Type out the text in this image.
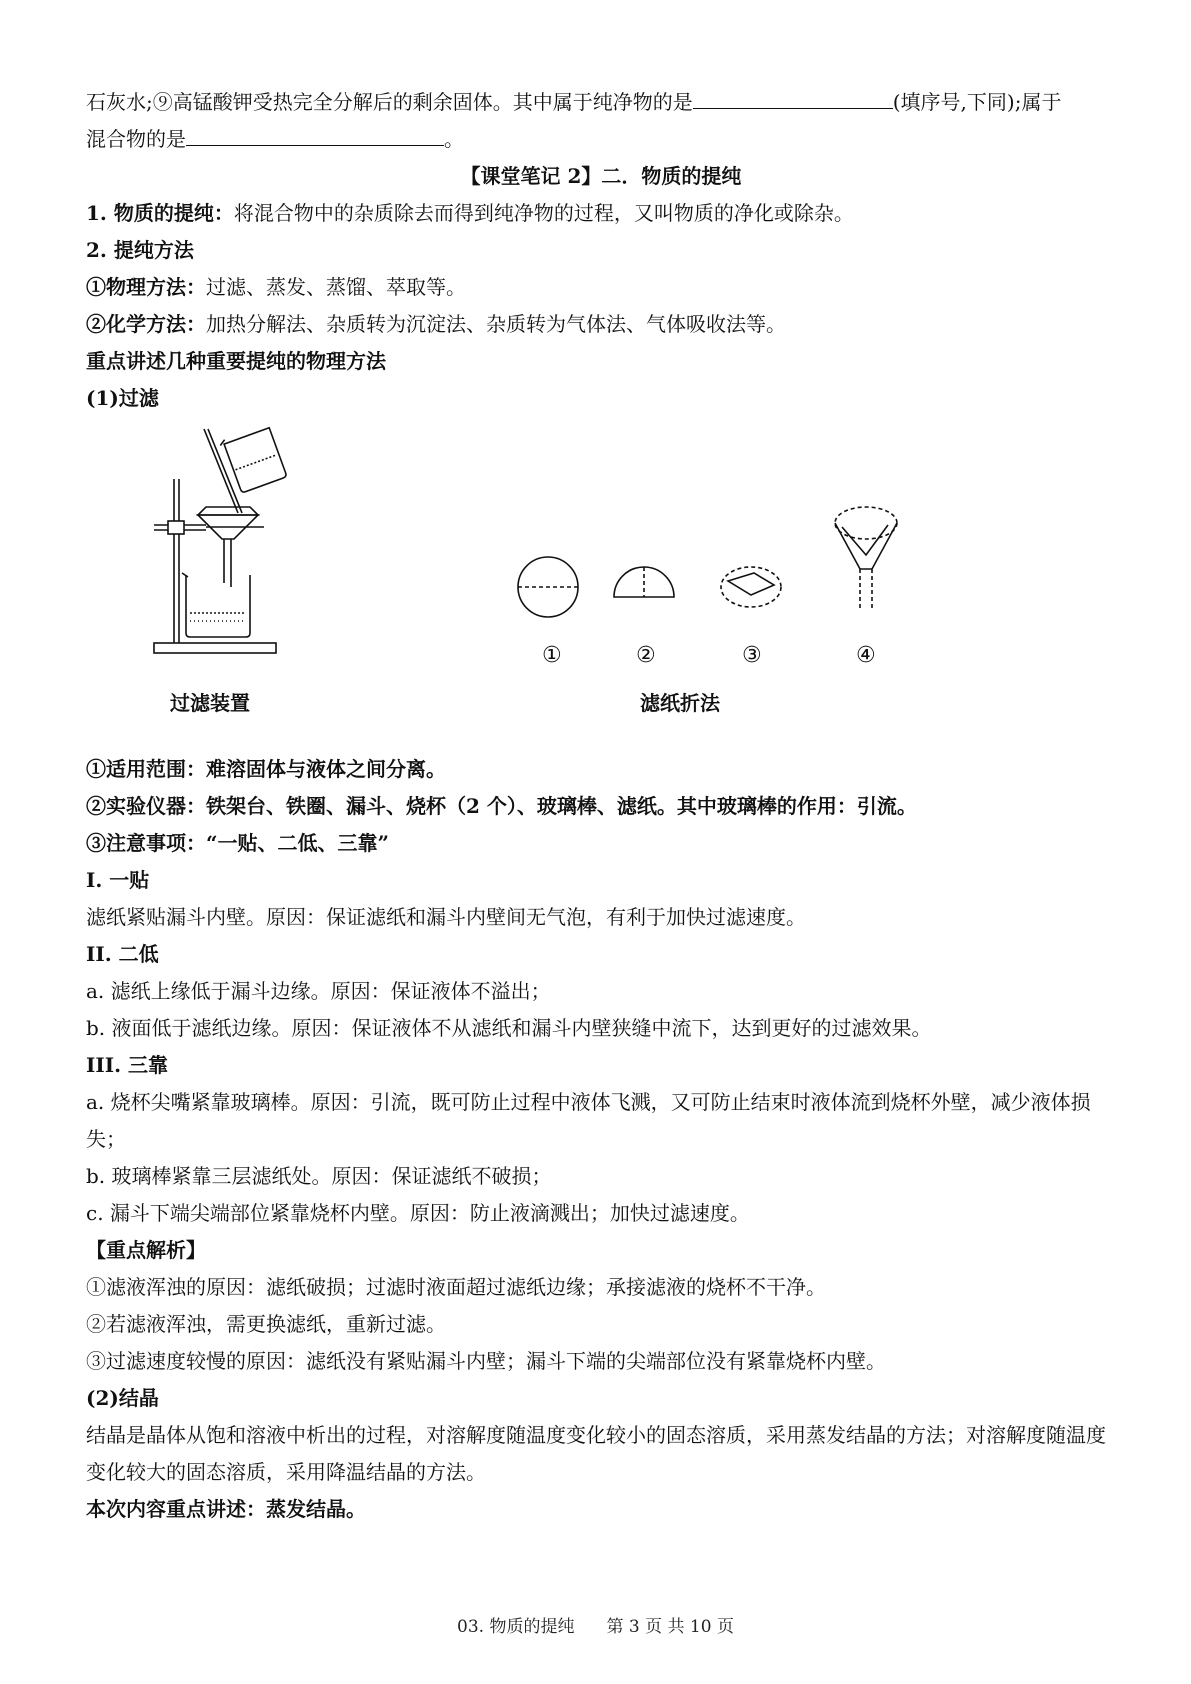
石灰水;⑨高锰酸钾受热完全分解后的剩余固体。其中属于纯净物的是	(填序号,下同);属于
混合物的是	。
【课堂笔记 2】二．物质的提纯
1. 物质的提纯：将混合物中的杂质除去而得到纯净物的过程，又叫物质的净化或除杂。
2. 提纯方法
①物理方法：过滤、蒸发、蒸馏、萃取等。
②化学方法：加热分解法、杂质转为沉淀法、杂质转为气体法、气体吸收法等。
重点讲述几种重要提纯的物理方法
(1)过滤
①	②	③	④
过滤装置	滤纸折法
①适用范围：难溶固体与液体之间分离。
②实验仪器：铁架台、铁圈、漏斗、烧杯（2 个）、玻璃棒、滤纸。其中玻璃棒的作用：引流。
③注意事项：“一贴、二低、三靠”
I. 一贴
滤纸紧贴漏斗内壁。原因：保证滤纸和漏斗内壁间无气泡，有利于加快过滤速度。
II. 二低
a. 滤纸上缘低于漏斗边缘。原因：保证液体不溢出；
b. 液面低于滤纸边缘。原因：保证液体不从滤纸和漏斗内壁狭缝中流下，达到更好的过滤效果。
III. 三靠
a. 烧杯尖嘴紧靠玻璃棒。原因：引流，既可防止过程中液体飞溅，又可防止结束时液体流到烧杯外壁，减少液体损失；
b. 玻璃棒紧靠三层滤纸处。原因：保证滤纸不破损；
c. 漏斗下端尖端部位紧靠烧杯内壁。原因：防止液滴溅出；加快过滤速度。
【重点解析】
①滤液浑浊的原因：滤纸破损；过滤时液面超过滤纸边缘；承接滤液的烧杯不干净。
②若滤液浑浊，需更换滤纸，重新过滤。
③过滤速度较慢的原因：滤纸没有紧贴漏斗内壁；漏斗下端的尖端部位没有紧靠烧杯内壁。
(2)结晶
结晶是晶体从饱和溶液中析出的过程，对溶解度随温度变化较小的固态溶质，采用蒸发结晶的方法；对溶解度随温度变化较大的固态溶质，采用降温结晶的方法。
本次内容重点讲述：蒸发结晶。
03. 物质的提纯 第 3 页 共 10 页
